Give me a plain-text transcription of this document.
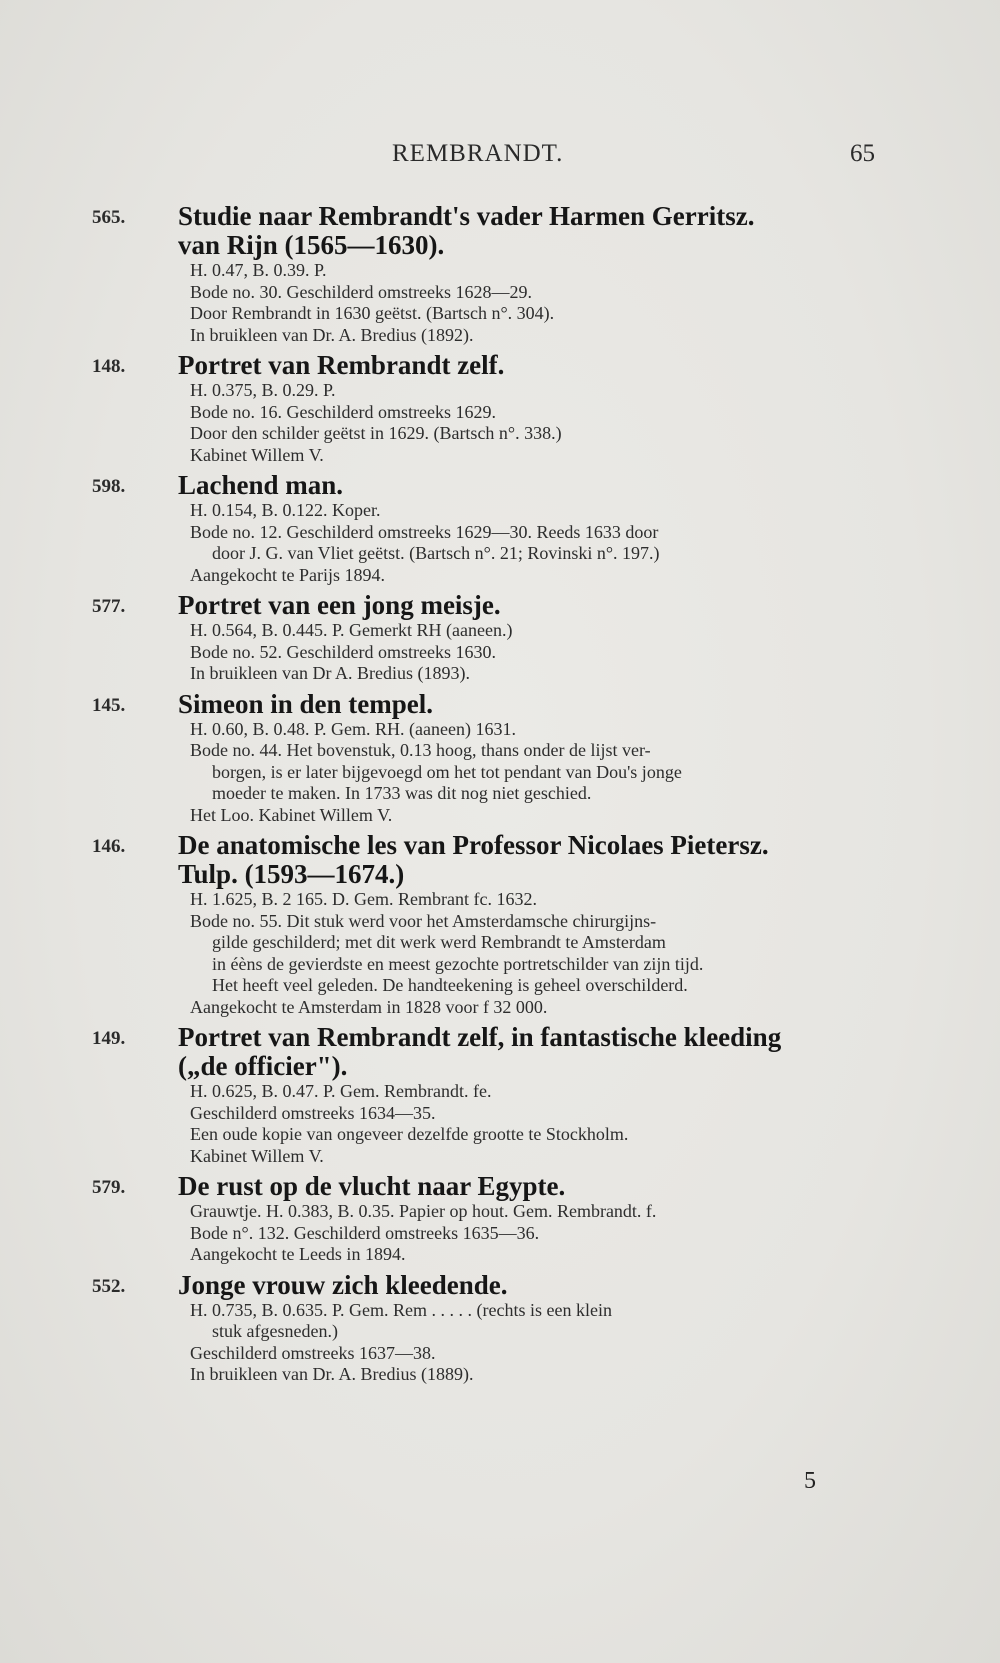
REMBRANDT.	65
565.	Studie naar Rembrandt's vader Harmen Gerritsz.
van Rijn (1565—1630).
H. 0.47, B. 0.39. P.
Bode no. 30. Geschilderd omstreeks 1628—29.
Door Rembrandt in 1630 geëtst. (Bartsch n°. 304).
In bruikleen van Dr. A. Bredius (1892).
148.	Portret van Rembrandt zelf.
H. 0.375, B. 0.29. P.
Bode no. 16. Geschilderd omstreeks 1629.
Door den schilder geëtst in 1629. (Bartsch n°. 338.)
Kabinet Willem V.
598.	Lachend man.
H. 0.154, B. 0.122. Koper.
Bode no. 12. Geschilderd omstreeks 1629—30. Reeds 1633 door
door J. G. van Vliet geëtst. (Bartsch n°. 21; Rovinski n°. 197.)
Aangekocht te Parijs 1894.
577.	Portret van een jong meisje.
H. 0.564, B. 0.445. P. Gemerkt RH (aaneen.)
Bode no. 52. Geschilderd omstreeks 1630.
In bruikleen van Dr A. Bredius (1893).
145.	Simeon in den tempel.
H. 0.60, B. 0.48. P. Gem. RH. (aaneen) 1631.
Bode no. 44. Het bovenstuk, 0.13 hoog, thans onder de lijst ver-
borgen, is er later bijgevoegd om het tot pendant van Dou's jonge
moeder te maken. In 1733 was dit nog niet geschied.
Het Loo. Kabinet Willem V.
146.	De anatomische les van Professor Nicolaes Pietersz.
Tulp. (1593—1674.)
H. 1.625, B. 2 165. D. Gem. Rembrant fc. 1632.
Bode no. 55. Dit stuk werd voor het Amsterdamsche chirurgijns-
gilde geschilderd; met dit werk werd Rembrandt te Amsterdam
in éèns de gevierdste en meest gezochte portretschilder van zijn tijd.
Het heeft veel geleden. De handteekening is geheel overschilderd.
Aangekocht te Amsterdam in 1828 voor f 32 000.
149.	Portret van Rembrandt zelf, in fantastische kleeding
(„de officier").
H. 0.625, B. 0.47. P. Gem. Rembrandt. fe.
Geschilderd omstreeks 1634—35.
Een oude kopie van ongeveer dezelfde grootte te Stockholm.
Kabinet Willem V.
579.	De rust op de vlucht naar Egypte.
Grauwtje. H. 0.383, B. 0.35. Papier op hout. Gem. Rembrandt. f.
Bode n°. 132. Geschilderd omstreeks 1635—36.
Aangekocht te Leeds in 1894.
552.	Jonge vrouw zich kleedende.
H. 0.735, B. 0.635. P. Gem. Rem . . . . . (rechts is een klein
stuk afgesneden.)
Geschilderd omstreeks 1637—38.
In bruikleen van Dr. A. Bredius (1889).
5
